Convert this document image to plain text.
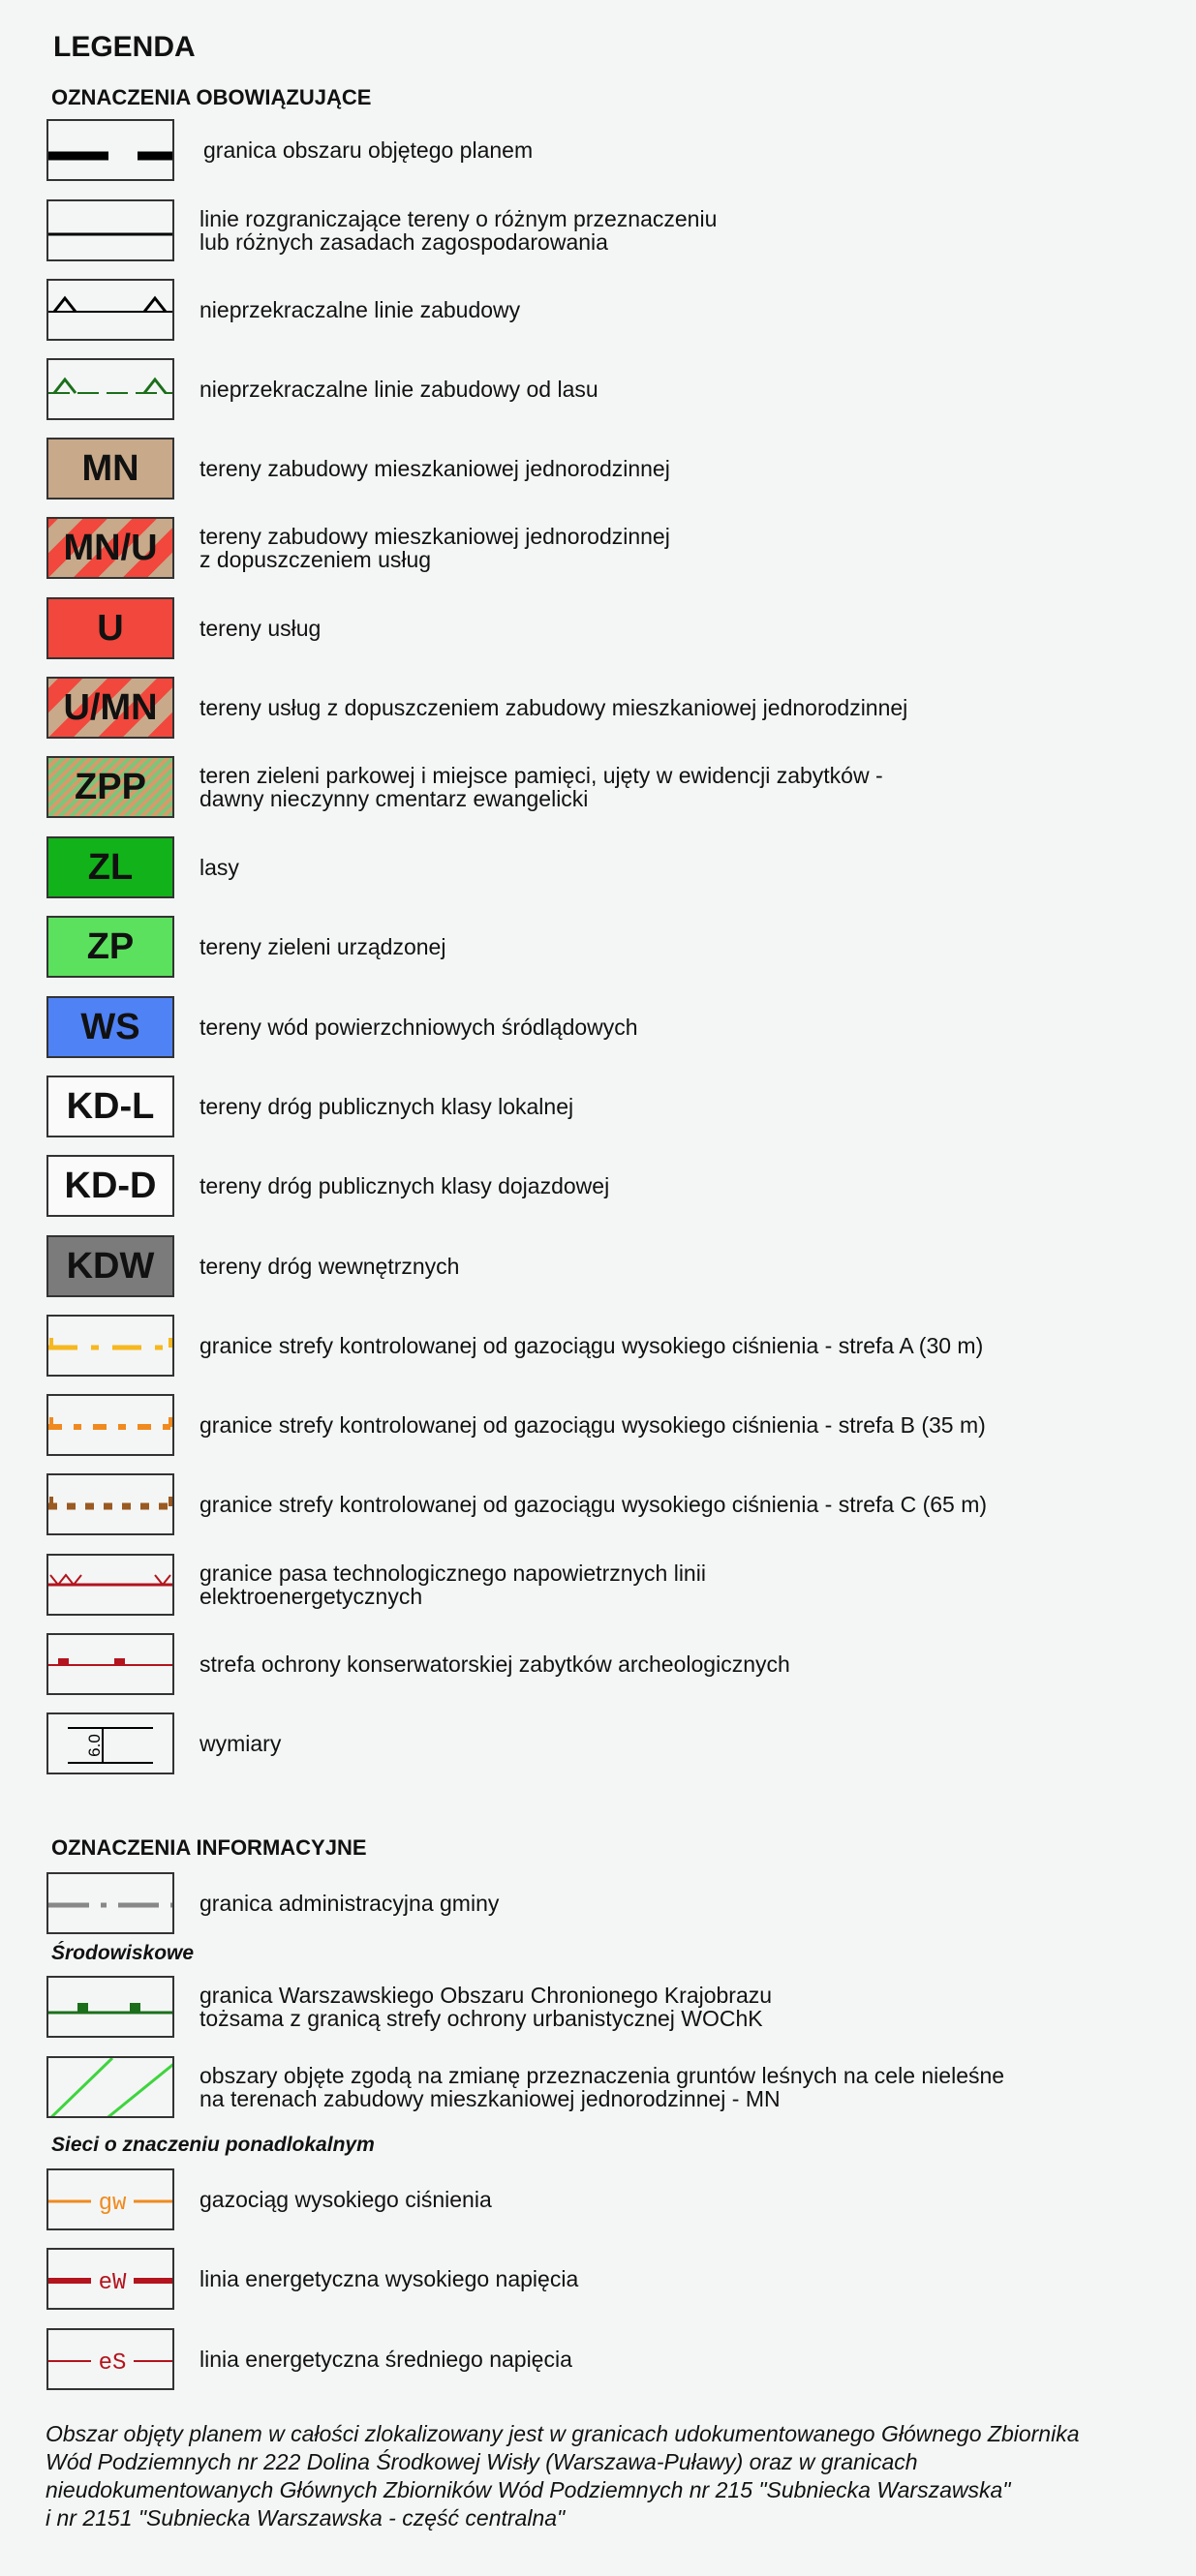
LEGENDA
OZNACZENIA OBOWIĄZUJĄCE
granica obszaru objętego planem
linie rozgraniczające tereny o różnym przeznaczeniu
lub różnych zasadach zagospodarowania
nieprzekraczalne linie zabudowy
nieprzekraczalne linie zabudowy od lasu
MN	tereny zabudowy mieszkaniowej jednorodzinnej
MN/U	tereny zabudowy mieszkaniowej jednorodzinnej
z dopuszczeniem usług
U	tereny usług
U/MN	tereny usług z dopuszczeniem zabudowy mieszkaniowej jednorodzinnej
ZPP	teren zieleni parkowej i miejsce pamięci, ujęty w ewidencji zabytków -
dawny nieczynny cmentarz ewangelicki
ZL	lasy
ZP	tereny zieleni urządzonej
WS	tereny wód powierzchniowych śródlądowych
KD-L	tereny dróg publicznych klasy lokalnej
KD-D	tereny dróg publicznych klasy dojazdowej
KDW	tereny dróg wewnętrznych
granice strefy kontrolowanej od gazociągu wysokiego ciśnienia - strefa A (30 m)
granice strefy kontrolowanej od gazociągu wysokiego ciśnienia - strefa B (35 m)
granice strefy kontrolowanej od gazociągu wysokiego ciśnienia - strefa C (65 m)
granice pasa technologicznego napowietrznych linii
elektroenergetycznych
strefa ochrony konserwatorskiej zabytków archeologicznych
6.0	wymiary
OZNACZENIA INFORMACYJNE
granica administracyjna gminy
Środowiskowe
granica Warszawskiego Obszaru Chronionego Krajobrazu
tożsama z granicą strefy ochrony urbanistycznej WOChK
obszary objęte zgodą na zmianę przeznaczenia gruntów leśnych na cele nieleśne
na terenach zabudowy mieszkaniowej jednorodzinnej - MN
Sieci o znaczeniu ponadlokalnym
gw	gazociąg wysokiego ciśnienia
eW	linia energetyczna wysokiego napięcia
eS	linia energetyczna średniego napięcia
Obszar objęty planem w całości zlokalizowany jest w granicach udokumentowanego Głównego Zbiornika
Wód Podziemnych nr 222 Dolina Środkowej Wisły (Warszawa-Puławy) oraz w granicach
nieudokumentowanych Głównych Zbiorników Wód Podziemnych nr 215 "Subniecka Warszawska"
i nr 2151 "Subniecka Warszawska - część centralna"
